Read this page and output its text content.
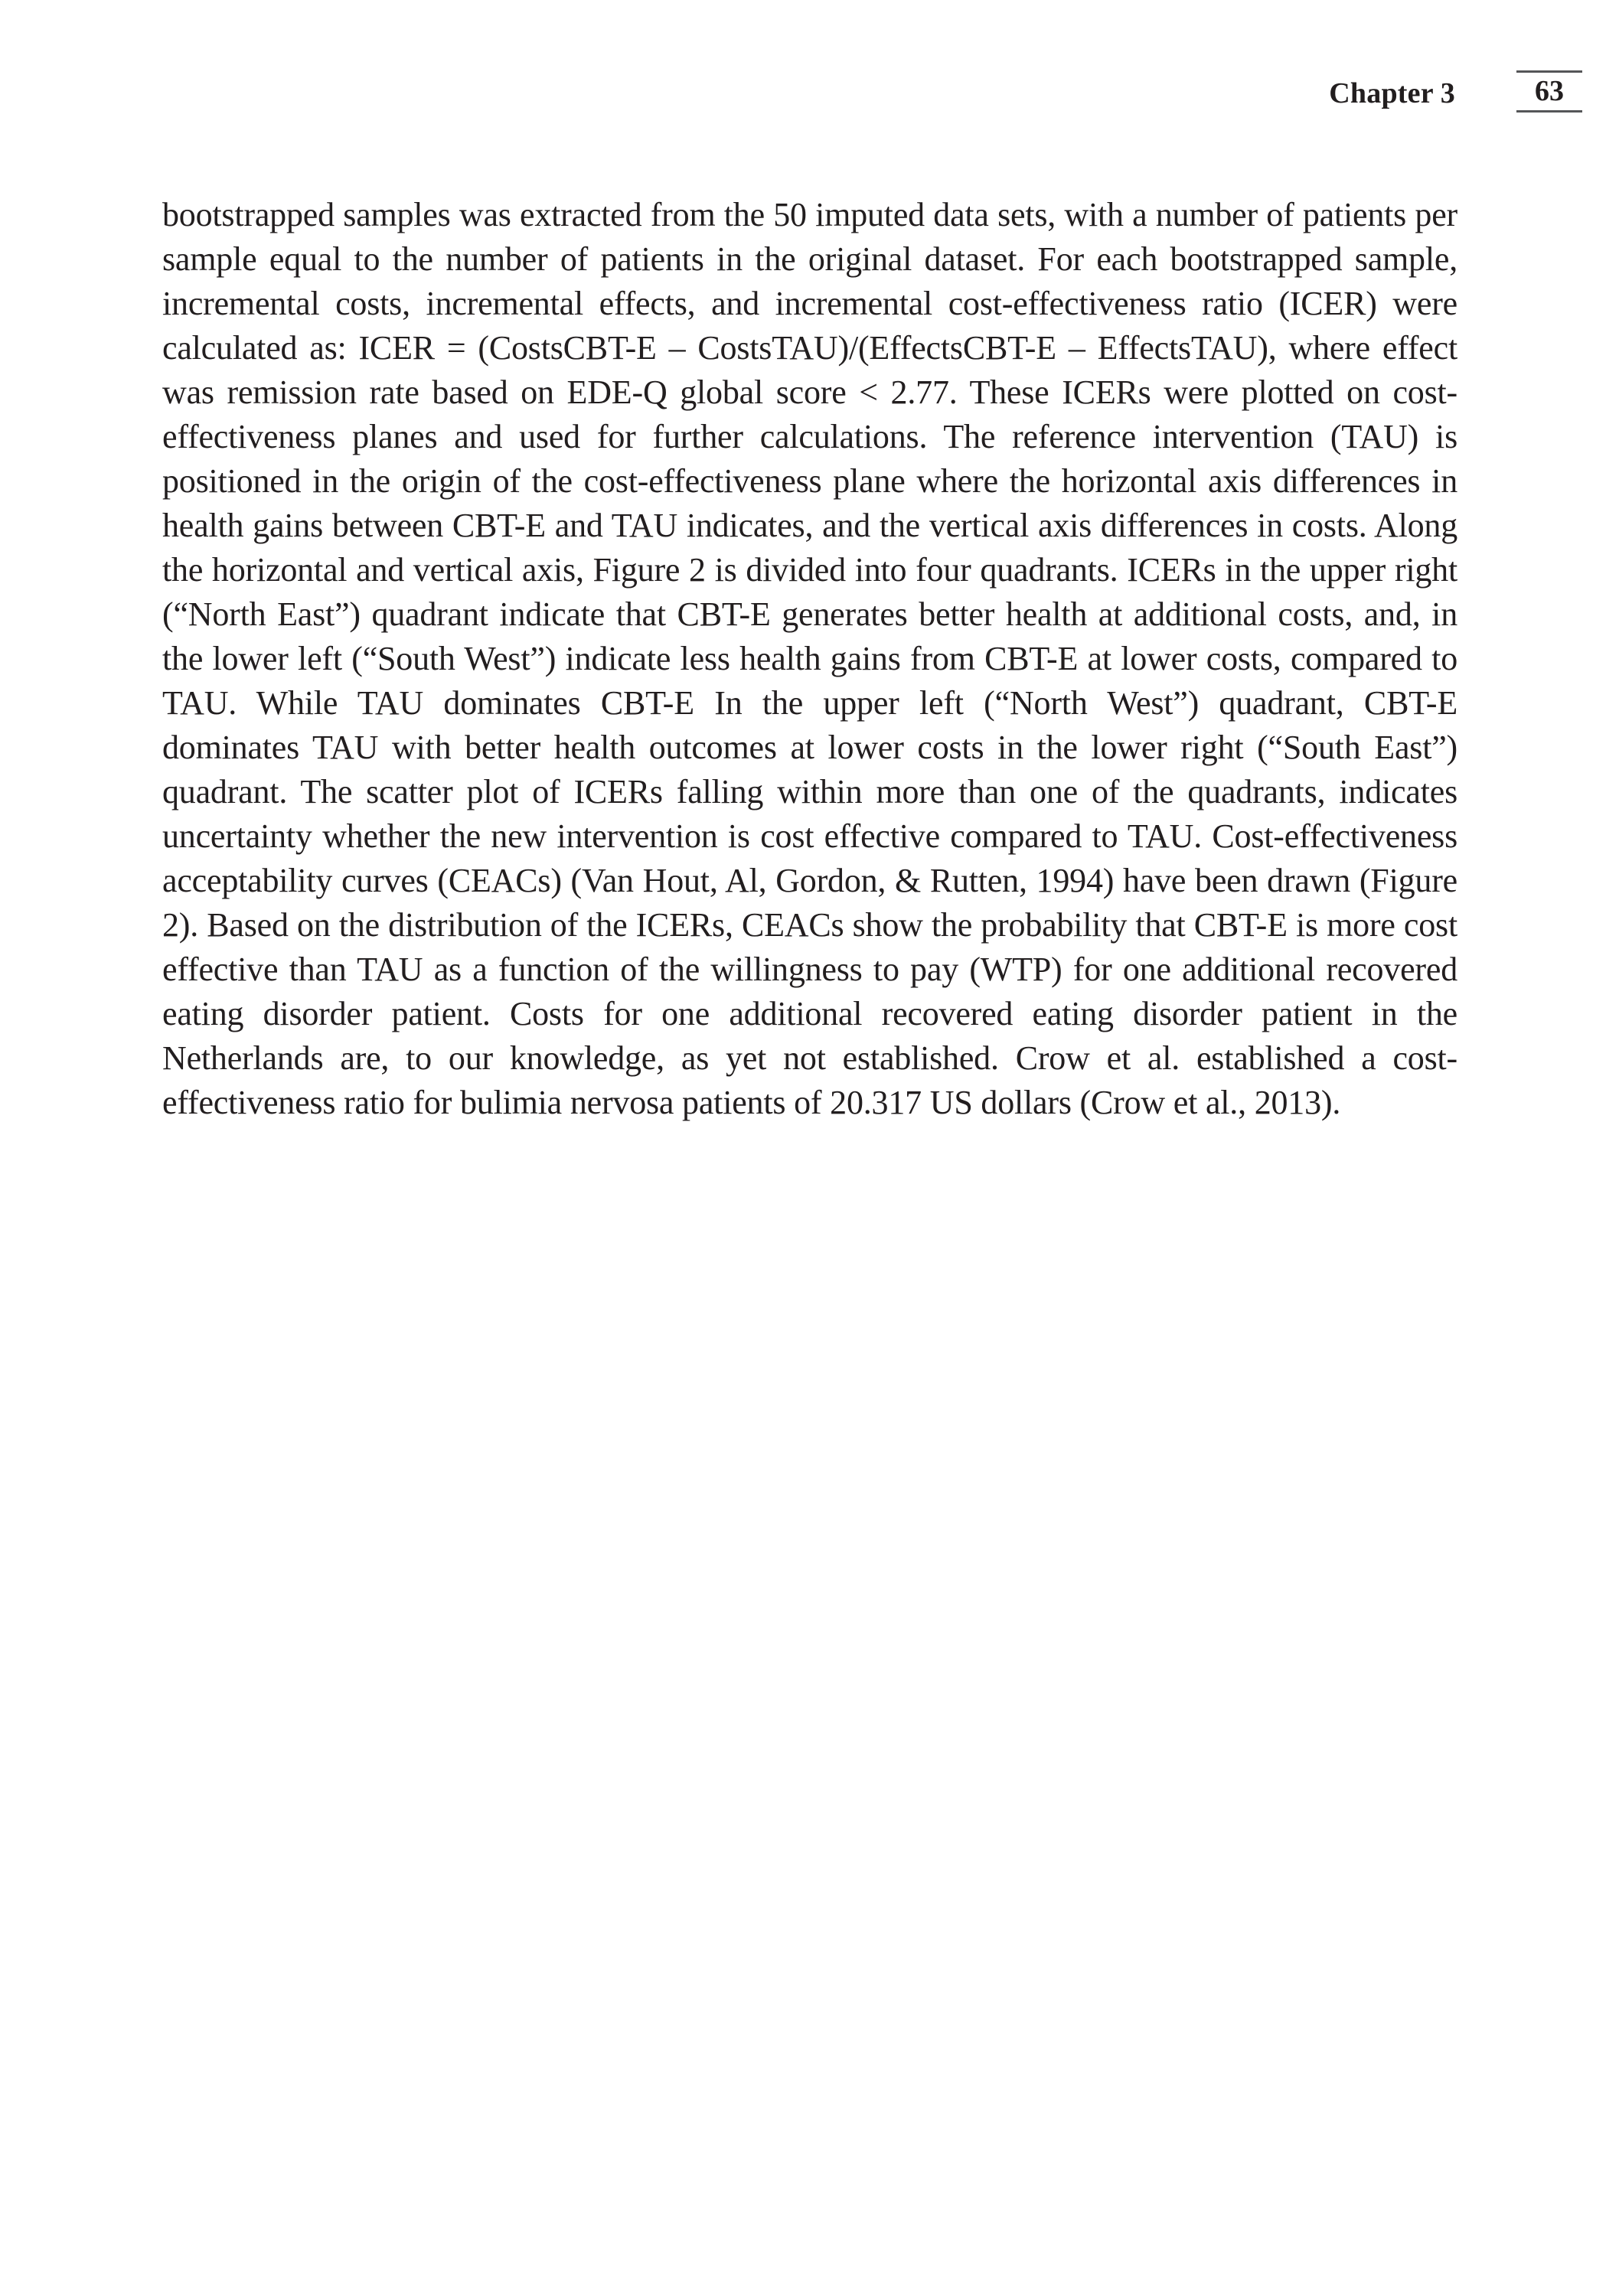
Chapter 3	63

bootstrapped samples was extracted from the 50 imputed data sets, with a number of patients per sample equal to the number of patients in the original dataset. For each bootstrapped sample, incremental costs, incremental effects, and incremental cost-effectiveness ratio (ICER) were calculated as: ICER = (CostsCBT-E – CostsTAU)/(EffectsCBT-E – EffectsTAU), where effect was remission rate based on EDE-Q global score < 2.77. These ICERs were plotted on cost-effectiveness planes and used for further calculations. The reference intervention (TAU) is positioned in the origin of the cost-effectiveness plane where the horizontal axis differences in health gains between CBT-E and TAU indicates, and the vertical axis differences in costs. Along the horizontal and vertical axis, Figure 2 is divided into four quadrants. ICERs in the upper right (“North East”) quadrant indicate that CBT-E generates better health at additional costs, and, in the lower left (“South West”) indicate less health gains from CBT-E at lower costs, compared to TAU. While TAU dominates CBT-E In the upper left (“North West”) quadrant, CBT-E dominates TAU with better health outcomes at lower costs in the lower right (“South East”) quadrant. The scatter plot of ICERs falling within more than one of the quadrants, indicates uncertainty whether the new intervention is cost effective compared to TAU. Cost-effectiveness acceptability curves (CEACs) (Van Hout, Al, Gordon, & Rutten, 1994) have been drawn (Figure 2). Based on the distribution of the ICERs, CEACs show the probability that CBT-E is more cost effective than TAU as a function of the willingness to pay (WTP) for one additional recovered eating disorder patient. Costs for one additional recovered eating disorder patient in the Netherlands are, to our knowledge, as yet not established. Crow et al. established a cost-effectiveness ratio for bulimia nervosa patients of 20.317 US dollars (Crow et al., 2013).
